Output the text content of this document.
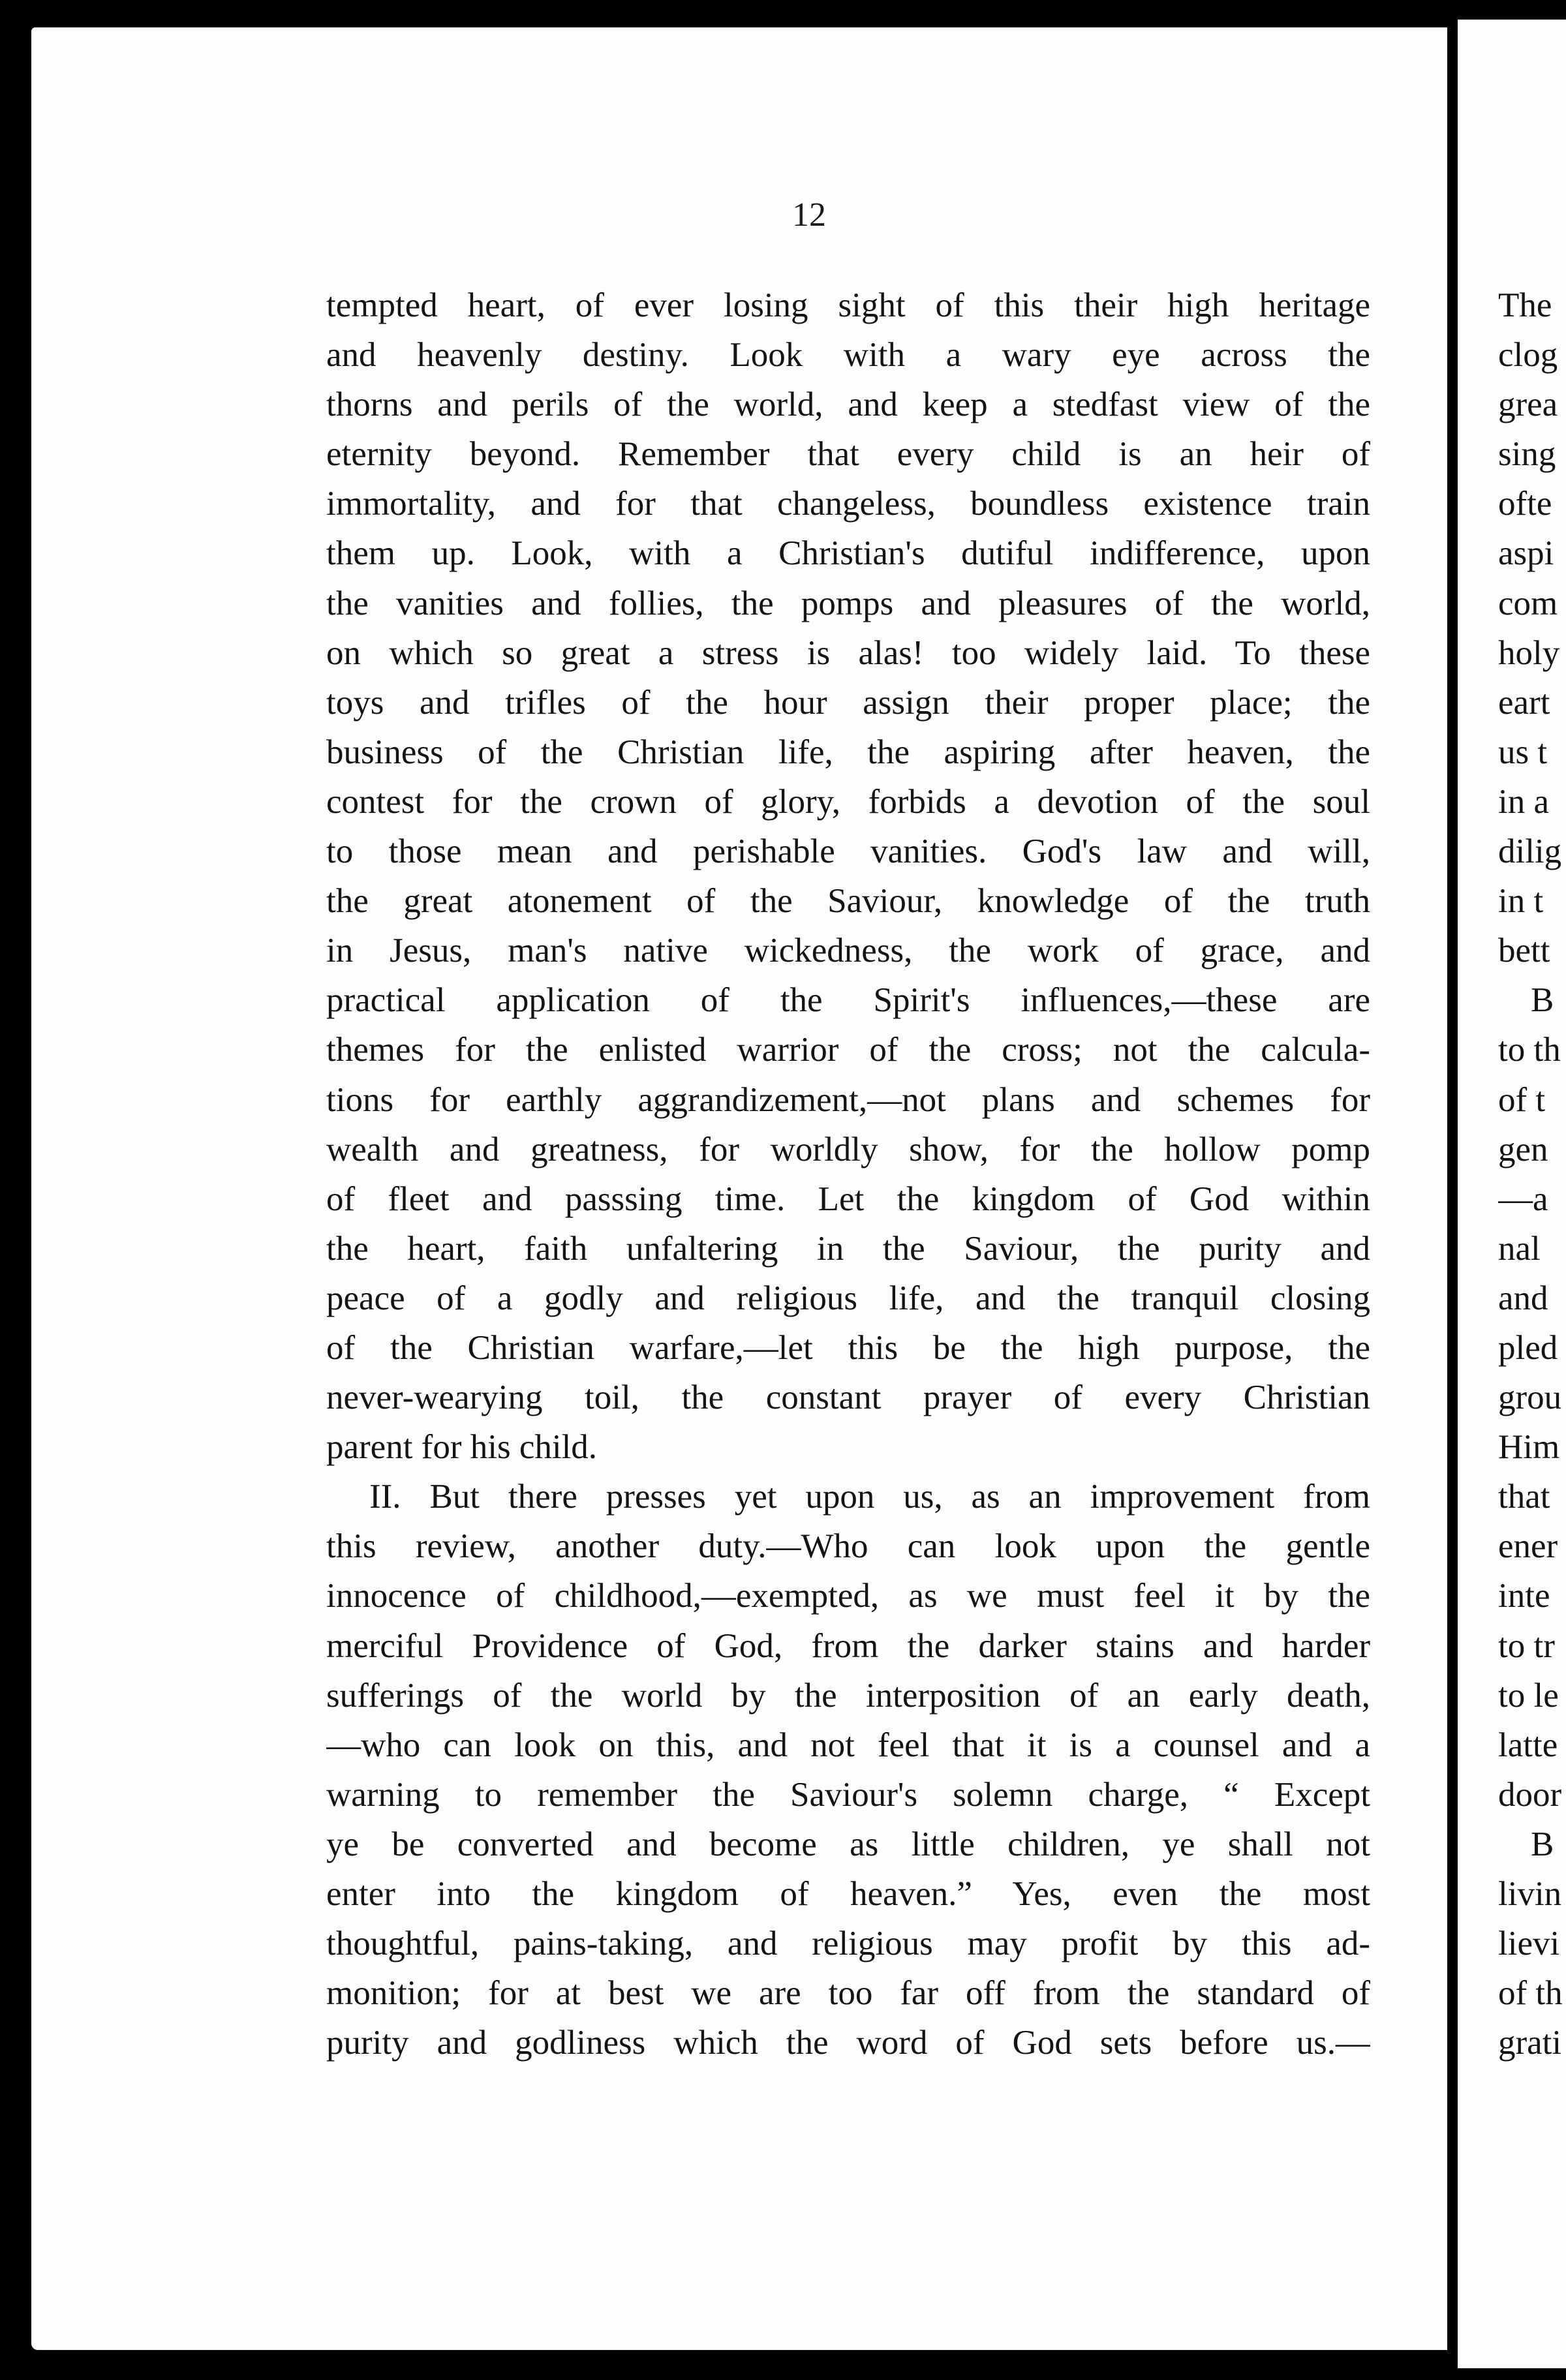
12
tempted heart, of ever losing sight of this their high heritage
and heavenly destiny. Look with a wary eye across the
thorns and perils of the world, and keep a stedfast view of the
eternity beyond. Remember that every child is an heir of
immortality, and for that changeless, boundless existence train
them up. Look, with a Christian's dutiful indifference, upon
the vanities and follies, the pomps and pleasures of the world,
on which so great a stress is alas! too widely laid. To these
toys and trifles of the hour assign their proper place; the
business of the Christian life, the aspiring after heaven, the
contest for the crown of glory, forbids a devotion of the soul
to those mean and perishable vanities. God's law and will,
the great atonement of the Saviour, knowledge of the truth
in Jesus, man's native wickedness, the work of grace, and
practical application of the Spirit's influences,—these are
themes for the enlisted warrior of the cross; not the calcula-
tions for earthly aggrandizement,—not plans and schemes for
wealth and greatness, for worldly show, for the hollow pomp
of fleet and passsing time. Let the kingdom of God within
the heart, faith unfaltering in the Saviour, the purity and
peace of a godly and religious life, and the tranquil closing
of the Christian warfare,—let this be the high purpose, the
never-wearying toil, the constant prayer of every Christian
parent for his child.
II. But there presses yet upon us, as an improvement from
this review, another duty.—Who can look upon the gentle
innocence of childhood,—exempted, as we must feel it by the
merciful Providence of God, from the darker stains and harder
sufferings of the world by the interposition of an early death,
—who can look on this, and not feel that it is a counsel and a
warning to remember the Saviour's solemn charge, “ Except
ye be converted and become as little children, ye shall not
enter into the kingdom of heaven.” Yes, even the most
thoughtful, pains-taking, and religious may profit by this ad-
monition; for at best we are too far off from the standard of
purity and godliness which the word of God sets before us.—
The
clog
grea
sing
ofte
aspi
com
holy
eart
us t
in a
dilig
in t
bett
B
to th
of t
gen
—a
nal
and
pled
grou
Him
that
ener
inte
to tr
to le
latte
door
B
livin
lievi
of th
grati
